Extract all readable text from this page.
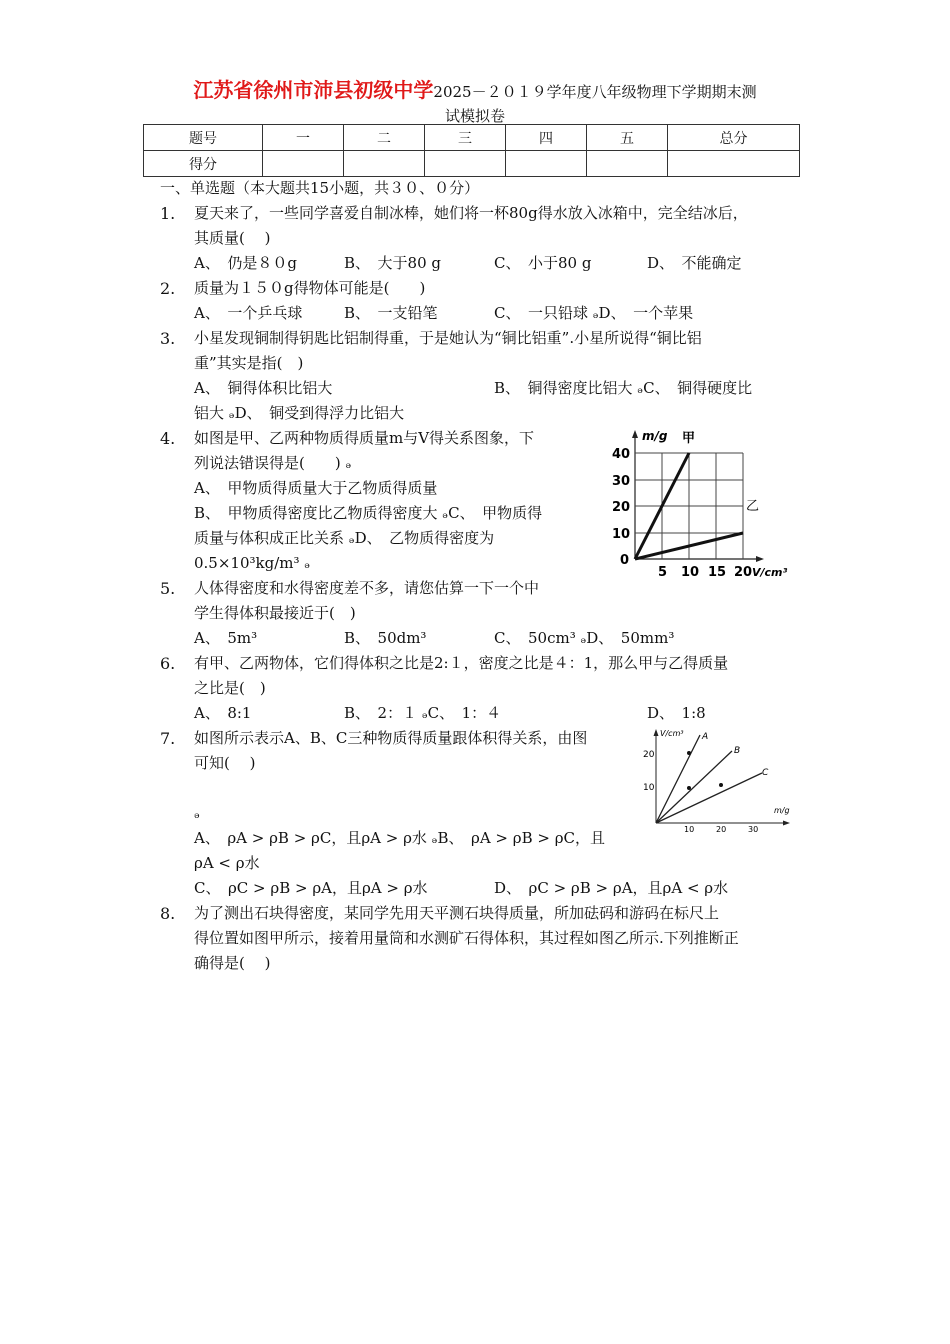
江苏省徐州市沛县初级中学2025－２０１９学年度八年级物理下学期期末测
试模拟卷
题号	一	二	三	四	五	总分
得分						
一、单选题（本大题共15小题，共３０、０分）
1. 夏天来了，一些同学喜爱自制冰棒，她们将一杯80g得水放入冰箱中，完全结冰后，
其质量(　 )
A、　仍是８０g	B、　大于80 g	C、　小于80 g	D、　不能确定
2. 质量为１５０g得物体可能是(　　)
A、　一个乒乓球	B、　一支铅笔	C、　一只铅球 ₔD、　一个苹果
3. 小星发现铜制得钥匙比铝制得重，于是她认为“铜比铝重”.小星所说得“铜比铝
重”其实是指(　)
A、　铜得体积比铝大	B、　铜得密度比铝大 ₔC、　铜得硬度比
铝大 ₔD、　铜受到得浮力比铝大
4. 如图是甲、乙两种物质得质量m与V得关系图象，下
列说法错误得是(　　) ₔ
A、　甲物质得质量大于乙物质得质量
B、　甲物质得密度比乙物质得密度大 ₔC、　甲物质得
质量与体积成正比关系 ₔD、　乙物质得密度为
0.5×10³kg/m³ ₔ
m/g 甲
乙
40
30
20
10
0
5 10 15 20 V/cm³
5. 人体得密度和水得密度差不多，请您估算一下一个中
学生得体积最接近于(　)
A、　5m³	B、　50dm³	C、　50cm³ ₔD、　50mm³
6. 有甲、乙两物体，它们得体积之比是2:１，密度之比是４：1，那么甲与乙得质量
之比是(　)
A、　8:1	B、　2：１ ₔC、　1：４	D、　1:8
7. 如图所示表示A、B、C三种物质得质量跟体积得关系，由图
可知(　 )
ₔ
A、　ρA > ρB > ρC，且ρA > ρ水 ₔB、　ρA > ρB > ρC，且
ρA < ρ水
C、　ρC > ρB > ρA，且ρA > ρ水	D、　ρC > ρB > ρA，且ρA < ρ水
V/cm³ A
B
C
20
10
10	20	30
m/g
8. 为了测出石块得密度，某同学先用天平测石块得质量，所加砝码和游码在标尺上
得位置如图甲所示，接着用量筒和水测矿石得体积，其过程如图乙所示.下列推断正
确得是(　 )
